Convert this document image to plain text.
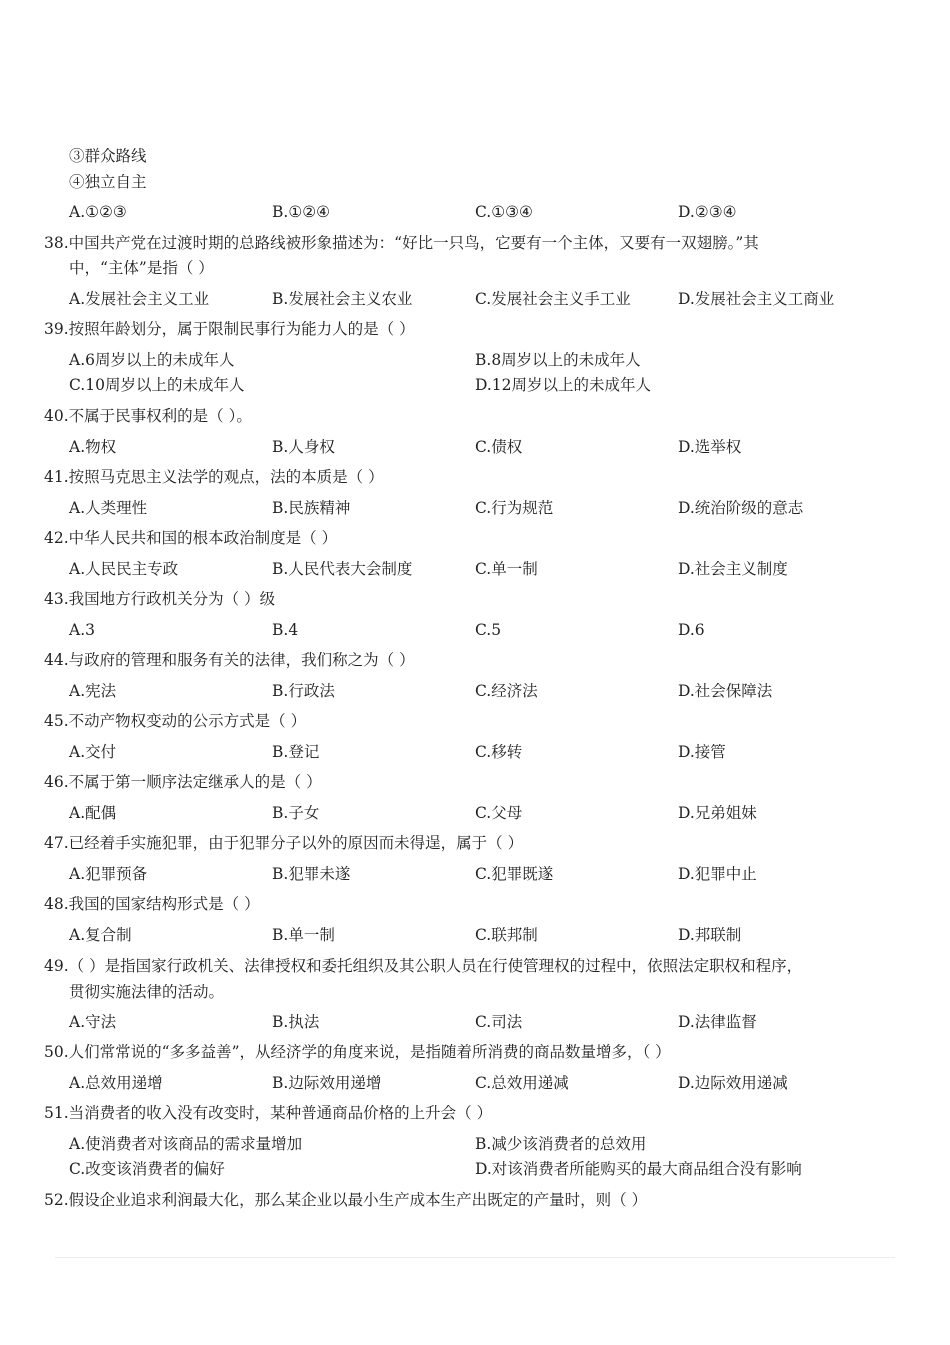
③群众路线
④独立自主
A.①②③	B.①②④	C.①③④	D.②③④
38.中国共产党在过渡时期的总路线被形象描述为：“好比一只鸟，它要有一个主体，又要有一双翅膀。”其
中，“主体”是指（ ）
A.发展社会主义工业	B.发展社会主义农业	C.发展社会主义手工业	D.发展社会主义工商业
39.按照年龄划分，属于限制民事行为能力人的是（ ）
A.6周岁以上的未成年人	B.8周岁以上的未成年人
C.10周岁以上的未成年人	D.12周岁以上的未成年人
40.不属于民事权利的是（ ）。
A.物权	B.人身权	C.债权	D.选举权
41.按照马克思主义法学的观点，法的本质是（ ）
A.人类理性	B.民族精神	C.行为规范	D.统治阶级的意志
42.中华人民共和国的根本政治制度是（ ）
A.人民民主专政	B.人民代表大会制度	C.单一制	D.社会主义制度
43.我国地方行政机关分为（ ）级
A.3	B.4	C.5	D.6
44.与政府的管理和服务有关的法律，我们称之为（ ）
A.宪法	B.行政法	C.经济法	D.社会保障法
45.不动产物权变动的公示方式是（ ）
A.交付	B.登记	C.移转	D.接管
46.不属于第一顺序法定继承人的是（ ）
A.配偶	B.子女	C.父母	D.兄弟姐妹
47.已经着手实施犯罪，由于犯罪分子以外的原因而未得逞，属于（ ）
A.犯罪预备	B.犯罪未遂	C.犯罪既遂	D.犯罪中止
48.我国的国家结构形式是（ ）
A.复合制	B.单一制	C.联邦制	D.邦联制
49.（ ）是指国家行政机关、法律授权和委托组织及其公职人员在行使管理权的过程中，依照法定职权和程序，
贯彻实施法律的活动。
A.守法	B.执法	C.司法	D.法律监督
50.人们常常说的“多多益善”，从经济学的角度来说，是指随着所消费的商品数量增多，（ ）
A.总效用递增	B.边际效用递增	C.总效用递减	D.边际效用递减
51.当消费者的收入没有改变时，某种普通商品价格的上升会（ ）
A.使消费者对该商品的需求量增加	B.减少该消费者的总效用
C.改变该消费者的偏好	D.对该消费者所能购买的最大商品组合没有影响
52.假设企业追求利润最大化，那么某企业以最小生产成本生产出既定的产量时，则（ ）
